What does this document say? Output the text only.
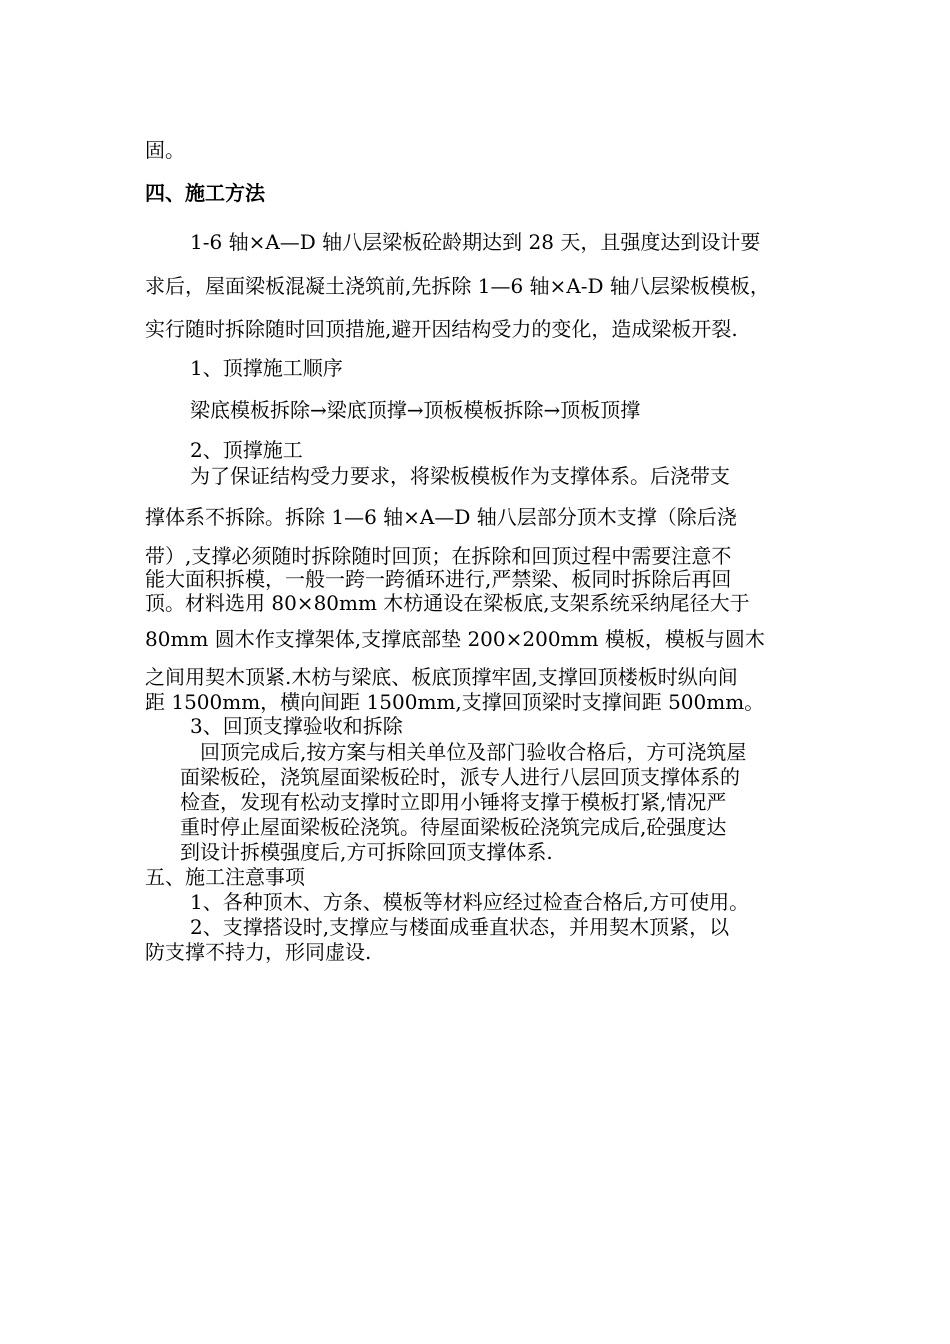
固。
四、施工方法
1-6 轴×A—D 轴八层梁板砼龄期达到 28 天，且强度达到设计要
求后，屋面梁板混凝土浇筑前,先拆除 1—6 轴×A-D 轴八层梁板模板，
实行随时拆除随时回顶措施,避开因结构受力的变化，造成梁板开裂.
1、顶撑施工顺序
梁底模板拆除→梁底顶撑→顶板模板拆除→顶板顶撑
2、顶撑施工
为了保证结构受力要求，将梁板模板作为支撑体系。后浇带支
撑体系不拆除。拆除 1—6 轴×A—D 轴八层部分顶木支撑（除后浇
带）,支撑必须随时拆除随时回顶；在拆除和回顶过程中需要注意不
能大面积拆模，一般一跨一跨循环进行,严禁梁、板同时拆除后再回
顶。材料选用 80×80mm 木枋通设在梁板底,支架系统采纳尾径大于
80mm 圆木作支撑架体,支撑底部垫 200×200mm 模板，模板与圆木
之间用契木顶紧.木枋与梁底、板底顶撑牢固,支撑回顶楼板时纵向间
距 1500mm，横向间距 1500mm,支撑回顶梁时支撑间距 500mm。
3、回顶支撑验收和拆除
回顶完成后,按方案与相关单位及部门验收合格后，方可浇筑屋
面梁板砼，浇筑屋面梁板砼时，派专人进行八层回顶支撑体系的
检查，发现有松动支撑时立即用小锤将支撑于模板打紧,情况严
重时停止屋面梁板砼浇筑。待屋面梁板砼浇筑完成后,砼强度达
到设计拆模强度后,方可拆除回顶支撑体系.
五、施工注意事项
1、各种顶木、方条、模板等材料应经过检查合格后,方可使用。
2、支撑搭设时,支撑应与楼面成垂直状态，并用契木顶紧，以
防支撑不持力，形同虚设.
